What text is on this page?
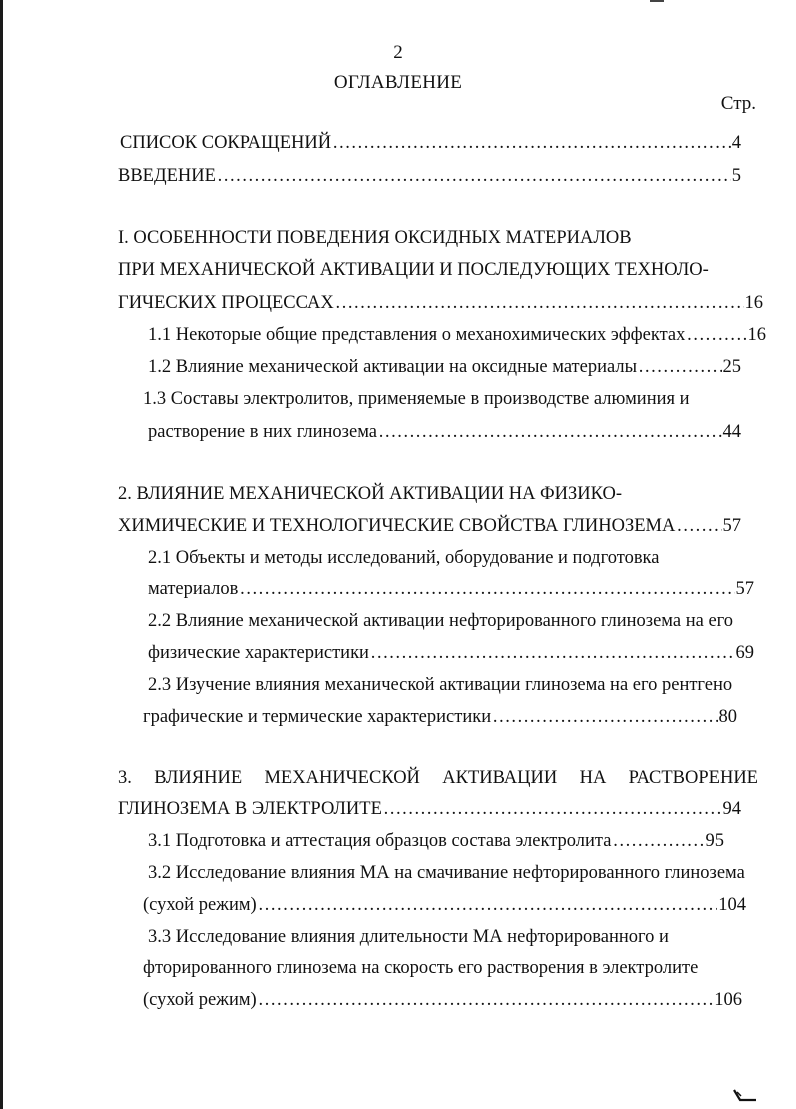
2
ОГЛАВЛЕНИЕ
Стр.
СПИСОК СОКРАЩЕНИЙ …………………………………………………………………………………………………………………………………………………………	4
ВВЕДЕНИЕ …………………………………………………………………………………………………………………………………………………………	5
I. ОСОБЕННОСТИ ПОВЕДЕНИЯ ОКСИДНЫХ МАТЕРИАЛОВ
ПРИ МЕХАНИЧЕСКОЙ АКТИВАЦИИ И ПОСЛЕДУЮЩИХ ТЕХНОЛО-
ГИЧЕСКИХ ПРОЦЕССАХ …………………………………………………………………………………………………………………………………………………………	16
1.1 Некоторые общие представления о механохимических эффектах …………………………………………………………………………………………………………………………………………………………	16
1.2 Влияние механической активации на оксидные материалы …………………………………………………………………………………………………………………………………………………………	25
1.3 Составы электролитов, применяемые в производстве алюминия и
растворение в них глинозема …………………………………………………………………………………………………………………………………………………………	44
2. ВЛИЯНИЕ МЕХАНИЧЕСКОЙ АКТИВАЦИИ НА ФИЗИКО-
ХИМИЧЕСКИЕ И ТЕХНОЛОГИЧЕСКИЕ СВОЙСТВА ГЛИНОЗЕМА …………………………………………………………………………………………………………………………………………………………	57
2.1 Объекты и методы исследований, оборудование и подготовка
материалов …………………………………………………………………………………………………………………………………………………………	57
2.2 Влияние механической активации нефторированного глинозема на его
физические характеристики …………………………………………………………………………………………………………………………………………………………	69
2.3 Изучение влияния механической активации глинозема на его рентгено
графические и термические характеристики …………………………………………………………………………………………………………………………………………………………	80
3. ВЛИЯНИЕ МЕХАНИЧЕСКОЙ АКТИВАЦИИ НА РАСТВОРЕНИЕ
ГЛИНОЗЕМА В ЭЛЕКТРОЛИТЕ …………………………………………………………………………………………………………………………………………………………	94
3.1 Подготовка и аттестация образцов состава электролита …………………………………………………………………………………………………………………………………………………………	95
3.2 Исследование влияния МА на смачивание нефторированного глинозема
(сухой режим) …………………………………………………………………………………………………………………………………………………………	104
3.3 Исследование влияния длительности МА нефторированного и
фторированного глинозема на скорость его растворения в электролите
(сухой режим) …………………………………………………………………………………………………………………………………………………………	106
